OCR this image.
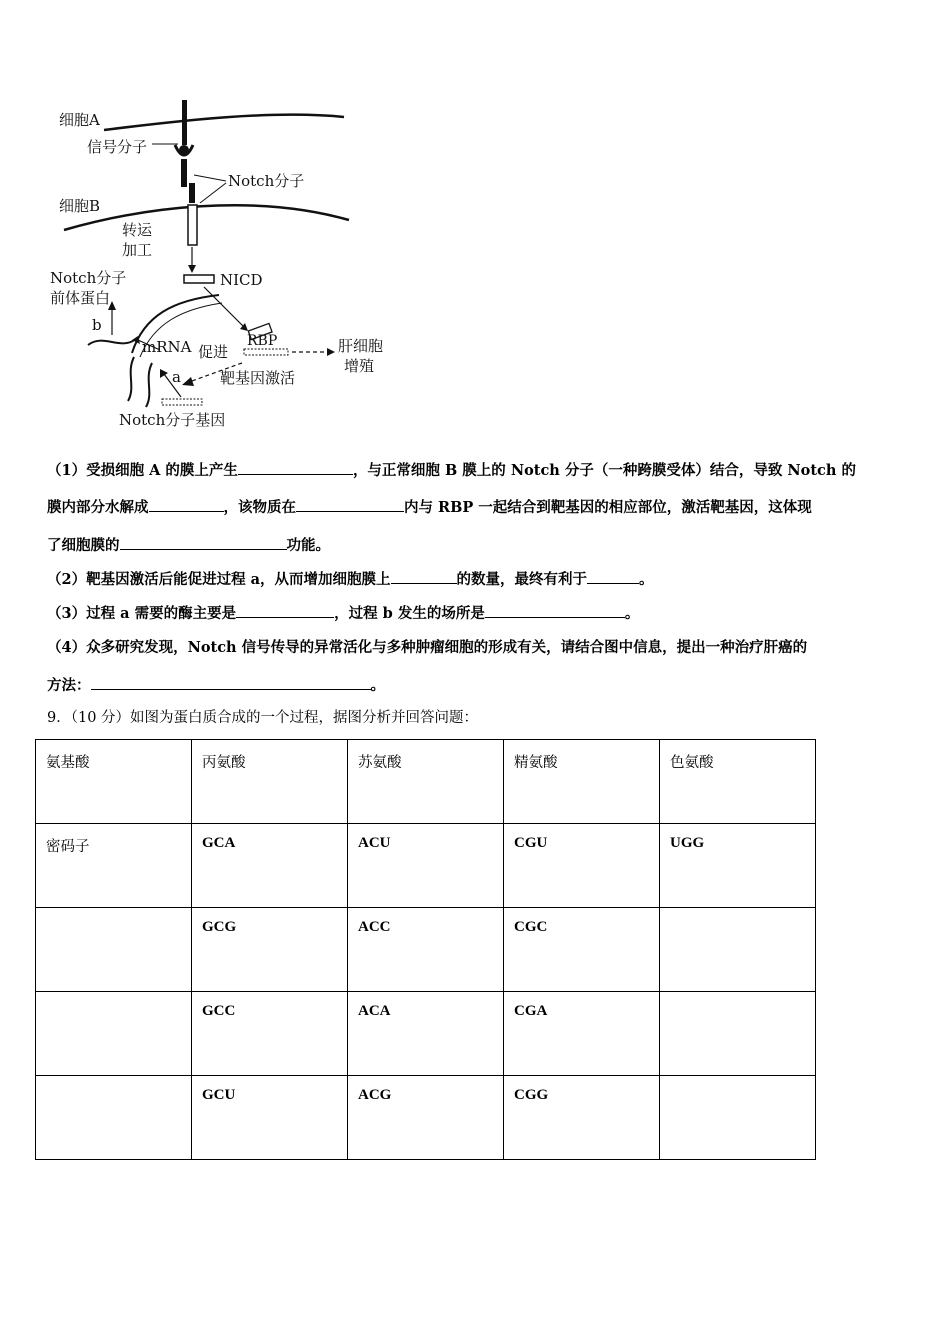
细胞A
信号分子
Notch分子
细胞B
转运
加工
NICD
Notch分子
前体蛋白
b
mRNA 促进
RBP	肝细胞
增殖
a	靶基因激活
Notch分子基因
（1）受损细胞 A 的膜上产生	，与正常细胞 B 膜上的 Notch 分子（一种跨膜受体）结合，导致 Notch 的
膜内部分水解成	，该物质在	内与 RBP 一起结合到靶基因的相应部位，激活靶基因，这体现
了细胞膜的	功能。
（2）靶基因激活后能促进过程 a，从而增加细胞膜上	的数量，最终有利于	。
（3）过程 a 需要的酶主要是	，过程 b 发生的场所是	。
（4）众多研究发现，Notch 信号传导的异常活化与多种肿瘤细胞的形成有关，请结合图中信息，提出一种治疗肝癌的
方法：	。
9．（10 分）如图为蛋白质合成的一个过程，据图分析并回答问题：
氨基酸	丙氨酸	苏氨酸	精氨酸	色氨酸
密码子	GCA	ACU	CGU	UGG
	GCG	ACC	CGC	
	GCC	ACA	CGA	
	GCU	ACG	CGG	
